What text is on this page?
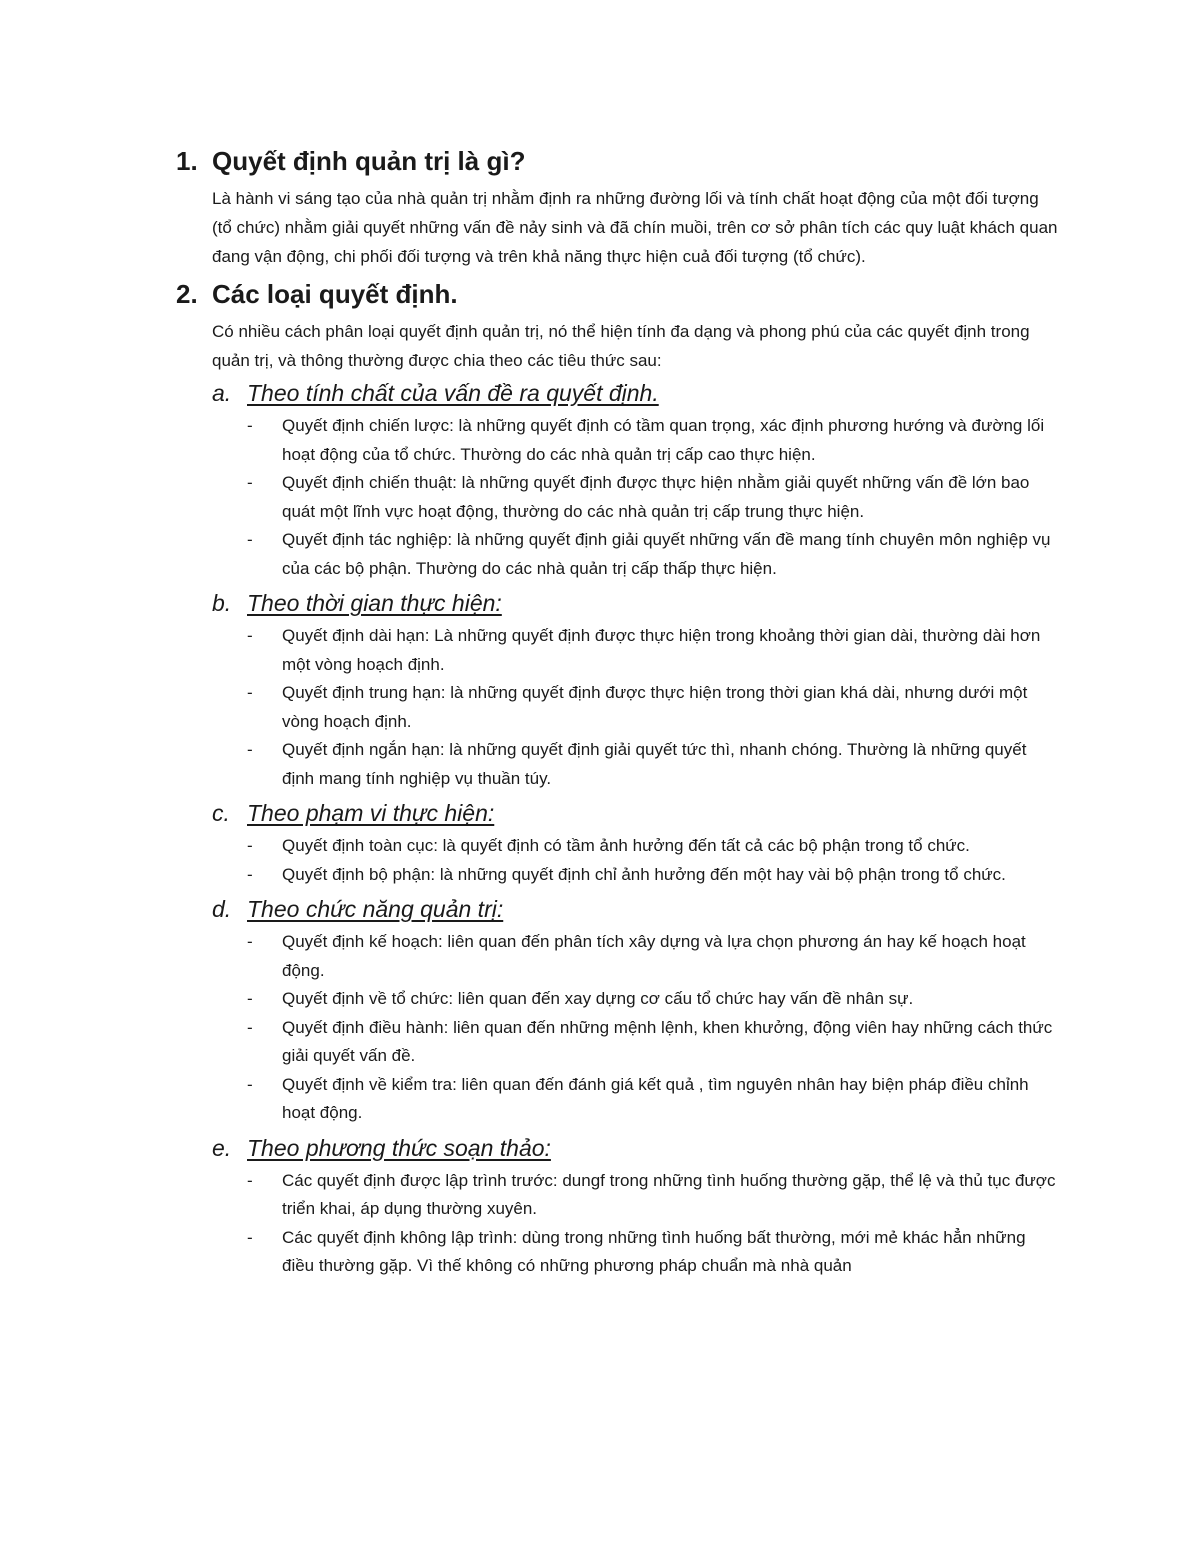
1. Quyết định quản trị là gì?

Là hành vi sáng tạo của nhà quản trị nhằm định ra những đường lối và tính chất hoạt động của một đối tượng (tổ chức) nhằm giải quyết những vấn đề nảy sinh và đã chín muồi, trên cơ sở phân tích các quy luật khách quan đang vận động, chi phối đối tượng và trên khả năng thực hiện cuả đối tượng (tổ chức).

2. Các loại quyết định.

Có nhiều cách phân loại quyết định quản trị, nó thể hiện tính đa dạng và phong phú của các quyết định trong quản trị, và thông thường được chia theo các tiêu thức sau:

a. Theo tính chất của vấn đề ra quyết định.
-	Quyết định chiến lược: là những quyết định có tầm quan trọng, xác định phương hướng và đường lối hoạt động của tổ chức. Thường do các nhà quản trị cấp cao thực hiện.
-	Quyết định chiến thuật: là những quyết định được thực hiện nhằm giải quyết những vấn đề lớn bao quát một lĩnh vực hoạt động, thường do các nhà quản trị cấp trung thực hiện.
-	Quyết định tác nghiệp: là những quyết định giải quyết những vấn đề mang tính chuyên môn nghiệp vụ của các bộ phận. Thường do các nhà quản trị cấp thấp thực hiện.
b. Theo thời gian thực hiện:
-	Quyết định dài hạn: Là những quyết định được thực hiện trong khoảng thời gian dài, thường dài hơn một vòng hoạch định.
-	Quyết định trung hạn: là những quyết định được thực hiện trong thời gian khá dài, nhưng dưới một vòng hoạch định.
-	Quyết định ngắn hạn: là những quyết định giải quyết tức thì, nhanh chóng. Thường là những quyết định mang tính nghiệp vụ thuần túy.
c. Theo phạm vi thực hiện:
-	Quyết định toàn cục: là quyết định có tầm ảnh hưởng đến tất cả các bộ phận trong tổ chức.
-	Quyết định bộ phận: là những quyết định chỉ ảnh hưởng đến một hay vài bộ phận trong tổ chức.
d. Theo chức năng quản trị:
-	Quyết định kế hoạch: liên quan đến phân tích xây dựng và lựa chọn phương án hay kế hoạch hoạt động.
-	Quyết định về tổ chức: liên quan đến xay dựng cơ cấu tổ chức hay vấn đề nhân sự.
-	Quyết định điều hành: liên quan đến những mệnh lệnh, khen khưởng, động viên hay những cách thức giải quyết vấn đề.
-	Quyết định về kiểm tra: liên quan đến đánh giá kết quả , tìm nguyên nhân hay biện pháp điều chỉnh hoạt động.
e. Theo phương thức soạn thảo:
-	Các quyết định được lập trình trước: dungf trong những tình huống thường gặp, thể lệ và thủ tục được triển khai, áp dụng thường xuyên.
-	Các quyết định không lập trình: dùng trong những tình huống bất thường, mới mẻ khác hẳn những điều thường gặp. Vì thế không có những phương pháp chuẩn mà nhà quản
